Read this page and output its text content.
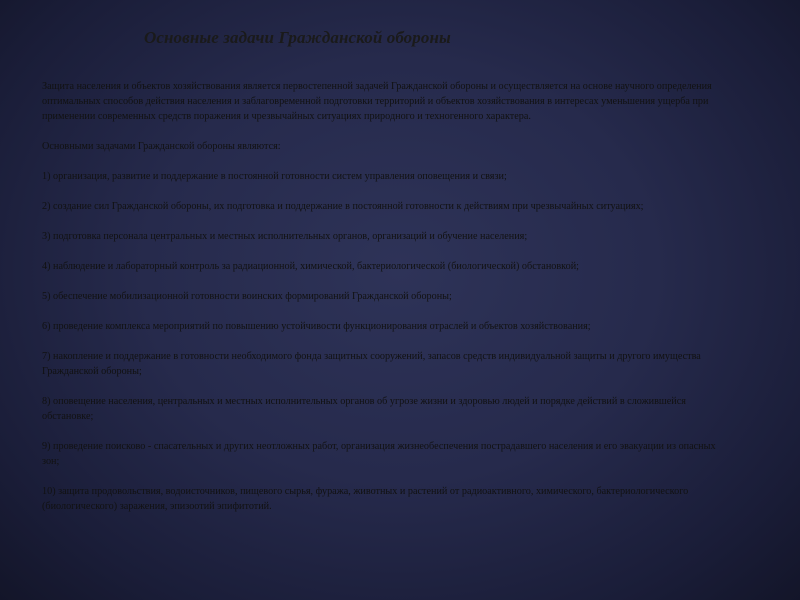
Основные задачи Гражданской обороны

Защита населения и объектов хозяйствования является первостепенной задачей Гражданской обороны и осуществляется на основе научного определения оптимальных способов действия населения и заблаговременной подготовки территорий и объектов хозяйствования в интересах уменьшения ущерба при применении современных средств поражения и чрезвычайных ситуациях природного и техногенного характера.

Основными задачами Гражданской обороны являются:

1) организация, развитие и поддержание в постоянной готовности систем управления оповещения и связи;

2) создание сил Гражданской обороны, их подготовка и поддержание в постоянной готовности к действиям при чрезвычайных ситуациях;

3) подготовка персонала центральных и местных исполнительных органов, организаций и обучение населения;

4) наблюдение и лабораторный контроль за радиационной, химической, бактериологической (биологической) обстановкой;

5) обеспечение мобилизационной готовности воинских формирований Гражданской обороны;

6) проведение комплекса мероприятий по повышению устойчивости функционирования отраслей и объектов хозяйствования;

7) накопление и поддержание в готовности необходимого фонда защитных сооружений, запасов средств индивидуальной защиты и другого имущества Гражданской обороны;

8) оповещение населения, центральных и местных исполнительных органов об угрозе жизни и здоровью людей и порядке действий в сложившейся обстановке;

9) проведение поисково - спасательных и других неотложных работ, организация жизнеобеспечения пострадавшего населения и его эвакуации из опасных зон;

10) защита продовольствия, водоисточников, пищевого сырья, фуража, животных и растений от радиоактивного, химического, бактериологического (биологического) заражения, эпизоотий эпифитотий.
